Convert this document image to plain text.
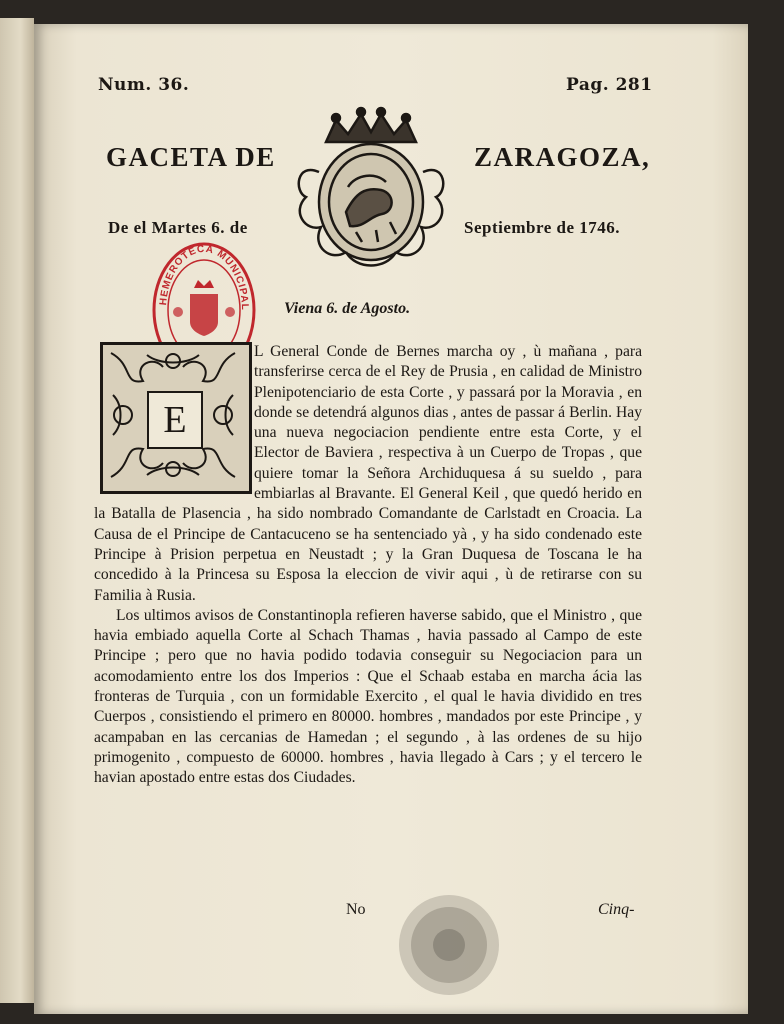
Num. 36.	Pag. 281
GACETA DE	ZARAGOZA,
De el Martes 6. de	Septiembre de 1746.
HEMEROTECA MUNICIPAL Viena 6. de Agosto.
E

L General Conde de Bernes marcha oy , ù mañana , para transferirse cerca de el Rey de Prusia , en calidad de Ministro Plenipotenciario de esta Corte , y passará por la Moravia , en donde se detendrá algunos dias , antes de passar á Berlin. Hay una nueva negociacion pendiente entre esta Corte, y el Elector de Baviera , respectiva à un Cuerpo de Tropas , que quiere tomar la Señora Archiduquesa á su sueldo , para embiarlas al Bravante. El General Keil , que quedó herido en la Batalla de Plasencia , ha sido nombrado Comandante de Carlstadt en Croacia. La Causa de el Principe de Cantacuceno se ha sentenciado yà , y ha sido condenado este Principe à Prision perpetua en Neustadt ; y la Gran Duquesa de Toscana le ha concedido à la Princesa su Esposa la eleccion de vivir aqui , ù de retirarse con su Familia à Rusia.

Los ultimos avisos de Constantinopla refieren haverse sabido, que el Ministro , que havia embiado aquella Corte al Schach Thamas , havia passado al Campo de este Principe ; pero que no havia podido todavia conseguir su Negociacion para un acomodamiento entre los dos Imperios : Que el Schaab estaba en marcha ácia las fronteras de Turquia , con un formidable Exercito , el qual le havia dividido en tres Cuerpos , consistiendo el primero en 80000. hombres , mandados por este Principe , y acampaban en las cercanias de Hamedan ; el segundo , à las ordenes de su hijo primogenito , compuesto de 60000. hombres , havia llegado à Cars ; y el tercero le havian apostado entre estas dos Ciudades.

No	Cinq-
